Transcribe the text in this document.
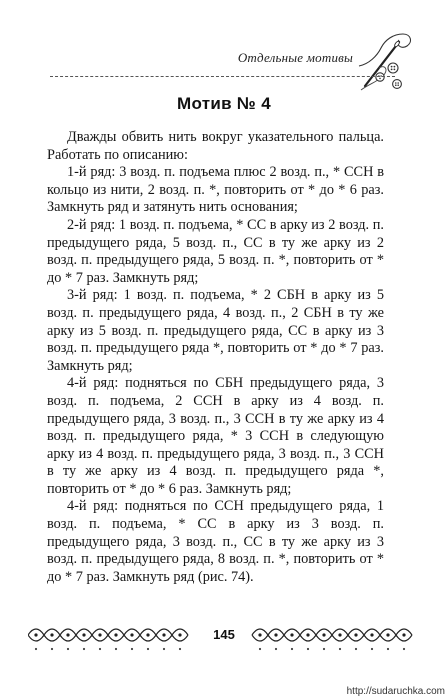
Отдельные мотивы
Мотив № 4

Дважды обвить нить вокруг указательного пальца. Работать по описанию:

1-й ряд: 3 возд. п. подъема плюс 2 возд. п., * ССН в кольцо из нити, 2 возд. п. *, повторить от * до * 6 раз. Замкнуть ряд и затянуть нить основания;

2-й ряд: 1 возд. п. подъема, * СС в арку из 2 возд. п. предыдущего ряда, 5 возд. п., СС в ту же арку из 2 возд. п. предыдущего ряда, 5 возд. п. *, повторить от * до * 7 раз. Замкнуть ряд;

3-й ряд: 1 возд. п. подъема, * 2 СБН в арку из 5 возд. п. предыдущего ряда, 4 возд. п., 2 СБН в ту же арку из 5 возд. п. предыдущего ряда, СС в арку из 3 возд. п. предыдущего ряда *, повторить от * до * 7 раз. Замкнуть ряд;

4-й ряд: подняться по СБН предыдущего ряда, 3 возд. п. подъема, 2 ССН в арку из 4 возд. п. предыдущего ряда, 3 возд. п., 3 ССН в ту же арку из 4 возд. п. предыдущего ряда, * 3 ССН в следующую арку из 4 возд. п. предыдущего ряда, 3 возд. п., 3 ССН в ту же арку из 4 возд. п. предыдущего ряда *, повторить от * до * 6 раз. Замкнуть ряд;

4-й ряд: подняться по ССН предыдущего ряда, 1 возд. п. подъема, * СС в арку из 3 возд. п. предыдущего ряда, 3 возд. п., СС в ту же арку из 3 возд. п. предыдущего ряда, 8 возд. п. *, повторить от * до * 7 раз. Замкнуть ряд (рис. 74).

145
http://sudaruchka.com
